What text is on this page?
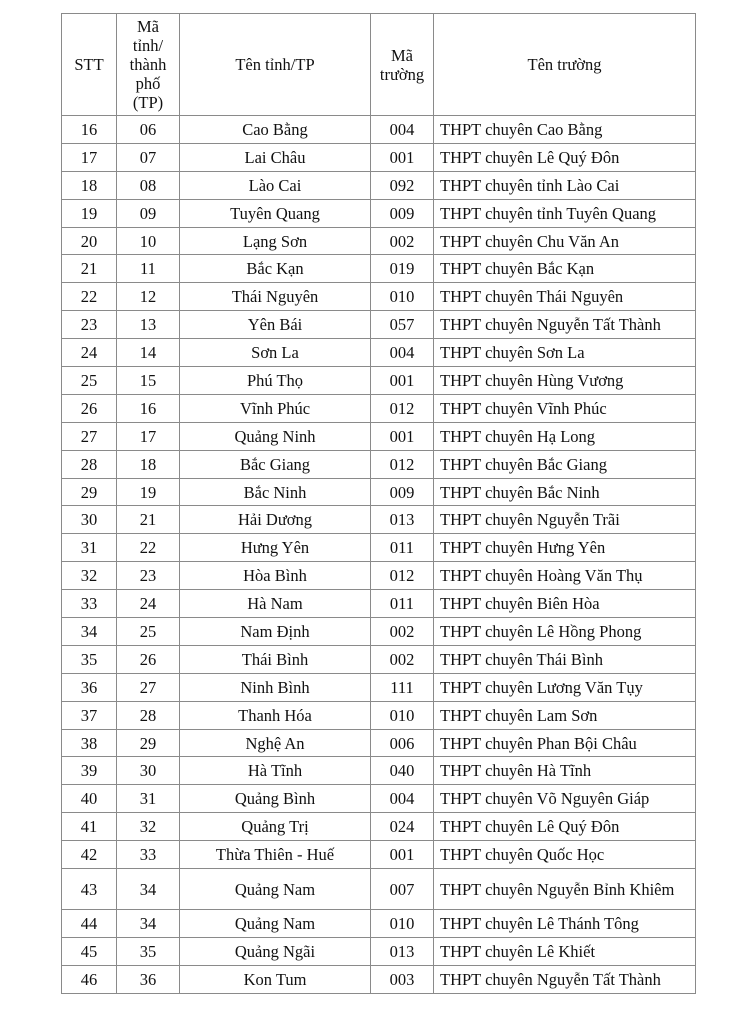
STT	Mã tỉnh/ thành phố (TP)	Tên tỉnh/TP	Mã trường	Tên trường
16	06	Cao Bằng	004	THPT chuyên Cao Bằng
17	07	Lai Châu	001	THPT chuyên Lê Quý Đôn
18	08	Lào Cai	092	THPT chuyên tỉnh Lào Cai
19	09	Tuyên Quang	009	THPT chuyên tỉnh Tuyên Quang
20	10	Lạng Sơn	002	THPT chuyên Chu Văn An
21	11	Bắc Kạn	019	THPT chuyên Bắc Kạn
22	12	Thái Nguyên	010	THPT chuyên Thái Nguyên
23	13	Yên Bái	057	THPT chuyên Nguyễn Tất Thành
24	14	Sơn La	004	THPT chuyên Sơn La
25	15	Phú Thọ	001	THPT chuyên Hùng Vương
26	16	Vĩnh Phúc	012	THPT chuyên Vĩnh Phúc
27	17	Quảng Ninh	001	THPT chuyên Hạ Long
28	18	Bắc Giang	012	THPT chuyên Bắc Giang
29	19	Bắc Ninh	009	THPT chuyên Bắc Ninh
30	21	Hải Dương	013	THPT chuyên Nguyễn Trãi
31	22	Hưng Yên	011	THPT chuyên Hưng Yên
32	23	Hòa Bình	012	THPT chuyên Hoàng Văn Thụ
33	24	Hà Nam	011	THPT chuyên Biên Hòa
34	25	Nam Định	002	THPT chuyên Lê Hồng Phong
35	26	Thái Bình	002	THPT chuyên Thái Bình
36	27	Ninh Bình	111	THPT chuyên Lương Văn Tụy
37	28	Thanh Hóa	010	THPT chuyên Lam Sơn
38	29	Nghệ An	006	THPT chuyên Phan Bội Châu
39	30	Hà Tĩnh	040	THPT chuyên Hà Tĩnh
40	31	Quảng Bình	004	THPT chuyên Võ Nguyên Giáp
41	32	Quảng Trị	024	THPT chuyên Lê Quý Đôn
42	33	Thừa Thiên - Huế	001	THPT chuyên Quốc Học
43	34	Quảng Nam	007	THPT chuyên Nguyễn Bỉnh Khiêm
44	34	Quảng Nam	010	THPT chuyên Lê Thánh Tông
45	35	Quảng Ngãi	013	THPT chuyên Lê Khiết
46	36	Kon Tum	003	THPT chuyên Nguyễn Tất Thành
